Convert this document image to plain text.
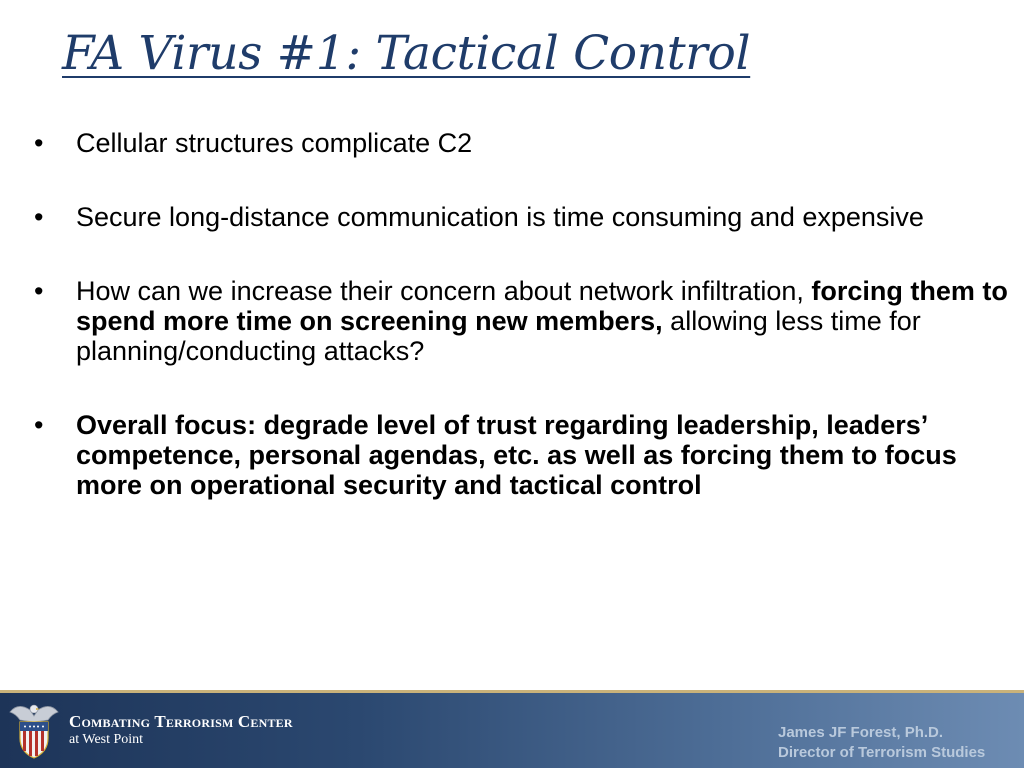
FA Virus #1: Tactical Control
• Cellular structures complicate C2
• Secure long-distance communication is time consuming and expensive
• How can we increase their concern about network infiltration, forcing them to spend more time on screening new members, allowing less time for planning/conducting attacks?
• Overall focus: degrade level of trust regarding leadership, leaders’ competence, personal agendas, etc. as well as forcing them to focus more on operational security and tactical control
Combating Terrorism Center
at West Point	James JF Forest, Ph.D.
Director of Terrorism Studies
